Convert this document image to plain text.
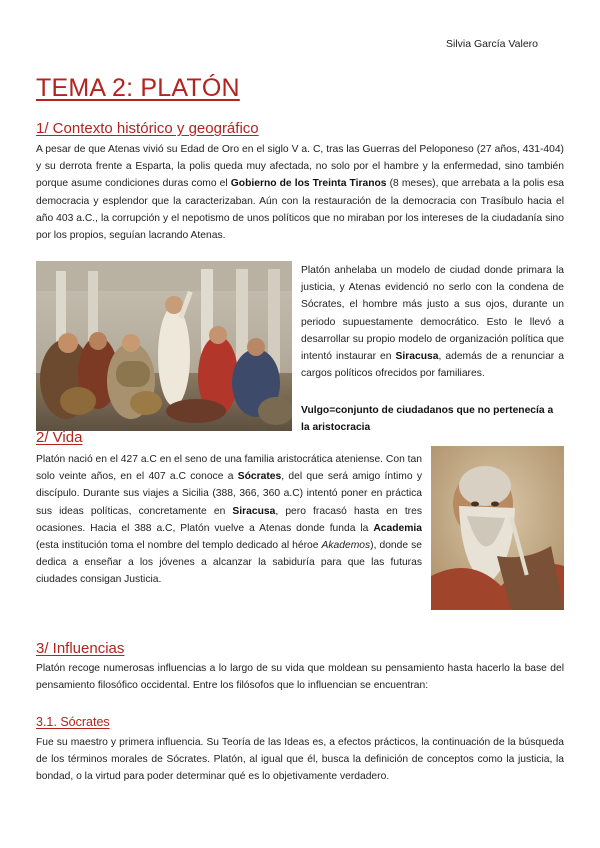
Silvia García Valero
TEMA 2: PLATÓN
1/ Contexto histórico y geográfico

A pesar de que Atenas vivió su Edad de Oro en el siglo V a. C, tras las Guerras del Peloponeso (27 años, 431-404) y su derrota frente a Esparta, la polis queda muy afectada, no solo por el hambre y la enfermedad, sino también porque asume condiciones duras como el Gobierno de los Treinta Tiranos (8 meses), que arrebata a la polis esa democracia y esplendor que la caracterizaban. Aún con la restauración de la democracia con Trasíbulo hacia el año 403 a.C., la corrupción y el nepotismo de unos políticos que no miraban por los intereses de la ciudadanía sino por los propios, seguían lacrando Atenas.

Platón anhelaba un modelo de ciudad donde primara la justicia, y Atenas evidenció no serlo con la condena de Sócrates, el hombre más justo a sus ojos, durante un periodo supuestamente democrático. Esto le llevó a desarrollar su propio modelo de organización política que intentó instaurar en Siracusa, además de a renunciar a cargos políticos ofrecidos por familiares.

Vulgo=conjunto de ciudadanos que no pertenecía a la aristocracia

2/ Vida

Platón nació en el 427 a.C en el seno de una familia aristocrática ateniense. Con tan solo veinte años, en el 407 a.C conoce a Sócrates, del que será amigo íntimo y discípulo. Durante sus viajes a Sicilia (388, 366, 360 a.C) intentó poner en práctica sus ideas políticas, concretamente en Siracusa, pero fracasó hasta en tres ocasiones. Hacia el 388 a.C, Platón vuelve a Atenas donde funda la Academia (esta institución toma el nombre del templo dedicado al héroe Akademos), donde se dedica a enseñar a los jóvenes a alcanzar la sabiduría para que las futuras ciudades consigan Justicia.

3/ Influencias

Platón recoge numerosas influencias a lo largo de su vida que moldean su pensamiento hasta hacerlo la base del pensamiento filosófico occidental. Entre los filósofos que lo influencian se encuentran:

3.1. Sócrates

Fue su maestro y primera influencia. Su Teoría de las Ideas es, a efectos prácticos, la continuación de la búsqueda de los términos morales de Sócrates. Platón, al igual que él, busca la definición de conceptos como la justicia, la bondad, o la virtud para poder determinar qué es lo objetivamente verdadero.
